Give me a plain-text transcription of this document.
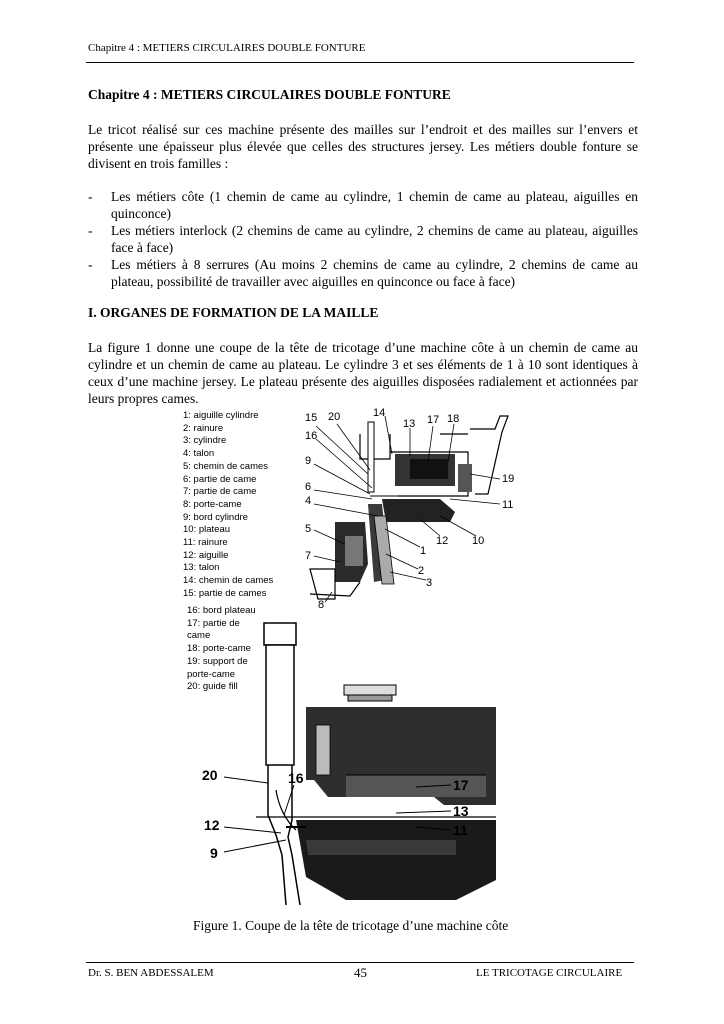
Chapitre 4 : METIERS CIRCULAIRES DOUBLE FONTURE
Chapitre 4 : METIERS CIRCULAIRES DOUBLE FONTURE
Le tricot réalisé sur ces machine présente des mailles sur l’endroit et des mailles sur l’envers et présente une épaisseur plus élevée que celles des structures jersey. Les métiers double fonture se divisent en trois familles :
- Les métiers côte (1 chemin de came au cylindre, 1 chemin de came au plateau, aiguilles en quinconce)
- Les métiers interlock (2 chemins de came au cylindre, 2 chemins de came au plateau, aiguilles face à face)
- Les métiers à 8 serrures (Au moins 2 chemins de came au cylindre, 2 chemins de came au plateau, possibilité de travailler avec aiguilles en quinconce ou face à face)
I. ORGANES DE FORMATION DE LA MAILLE
La figure 1 donne une coupe de la tête de tricotage d’une machine côte à un chemin de came au cylindre et un chemin de came au plateau. Le cylindre 3 et ses éléments de 1 à 10 sont identiques à ceux d’une machine jersey. Le plateau présente des aiguilles disposées radialement et actionnées par leurs propres cames.
1: aiguille cylindre
2: rainure
3: cylindre
4: talon
5: chemin de cames
6: partie de came
7: partie de came
8: porte-came
9: bord cylindre
10: plateau
11: rainure
12: aiguille
13: talon
14: chemin de cames
15: partie de cames
16: bord plateau
17: partie de
came
18: porte-came
19: support de
porte-came
20: guide fill
15 20	14
13 17 18
16
9
19
6
11
4
5
12 10
1
7
2
3
8
20	16	17
13
12	11
9
Figure 1. Coupe de la tête de tricotage d’une machine côte
Dr. S. BEN ABDESSALEM	45	LE TRICOTAGE CIRCULAIRE
